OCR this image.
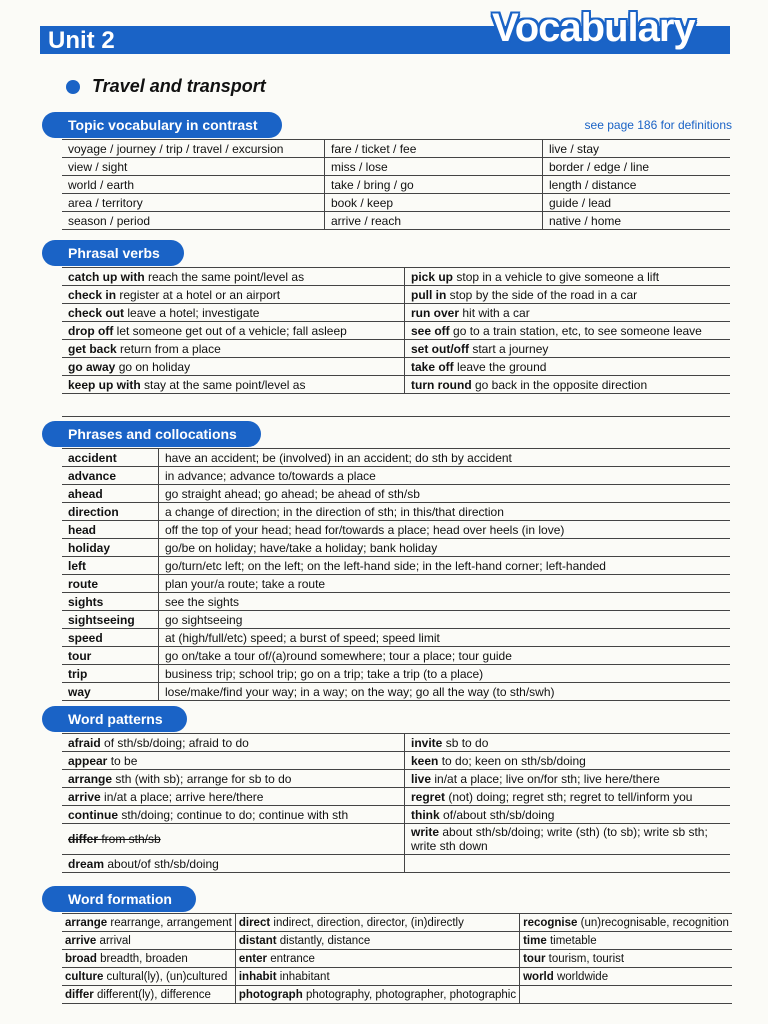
Unit 2	Vocabulary
Travel and transport
Topic vocabulary in contrast	see page 186 for definitions
voyage / journey / trip / travel / excursion	fare / ticket / fee	live / stay
view / sight	miss / lose	border / edge / line
world / earth	take / bring / go	length / distance
area / territory	book / keep	guide / lead
season / period	arrive / reach	native / home
Phrasal verbs
catch up with reach the same point/level as	pick up stop in a vehicle to give someone a lift
check in register at a hotel or an airport	pull in stop by the side of the road in a car
check out leave a hotel; investigate	run over hit with a car
drop off let someone get out of a vehicle; fall asleep	see off go to a train station, etc, to see someone leave
get back return from a place	set out/off start a journey
go away go on holiday	take off leave the ground
keep up with stay at the same point/level as	turn round go back in the opposite direction

Phrases and collocations
accident	have an accident; be (involved) in an accident; do sth by accident
advance	in advance; advance to/towards a place
ahead	go straight ahead; go ahead; be ahead of sth/sb
direction	a change of direction; in the direction of sth; in this/that direction
head	off the top of your head; head for/towards a place; head over heels (in love)
holiday	go/be on holiday; have/take a holiday; bank holiday
left	go/turn/etc left; on the left; on the left-hand side; in the left-hand corner; left-handed
route	plan your/a route; take a route
sights	see the sights
sightseeing	go sightseeing
speed	at (high/full/etc) speed; a burst of speed; speed limit
tour	go on/take a tour of/(a)round somewhere; tour a place; tour guide
trip	business trip; school trip; go on a trip; take a trip (to a place)
way	lose/make/find your way; in a way; on the way; go all the way (to sth/swh)
Word patterns
afraid of sth/sb/doing; afraid to do	invite sb to do
appear to be	keen to do; keen on sth/sb/doing
arrange sth (with sb); arrange for sb to do	live in/at a place; live on/for sth; live here/there
arrive in/at a place; arrive here/there	regret (not) doing; regret sth; regret to tell/inform you
continue sth/doing; continue to do; continue with sth	think of/about sth/sb/doing
differ from sth/sb	write about sth/sb/doing; write (sth) (to sb); write sb sth; write sth down
dream about/of sth/sb/doing	
Word formation
arrange rearrange, arrangement	direct indirect, direction, director, (in)directly	recognise (un)recognisable, recognition
arrive arrival	distant distantly, distance	time timetable
broad breadth, broaden	enter entrance	tour tourism, tourist
culture cultural(ly), (un)cultured	inhabit inhabitant	world worldwide
differ different(ly), difference	photograph photography, photographer, photographic	
